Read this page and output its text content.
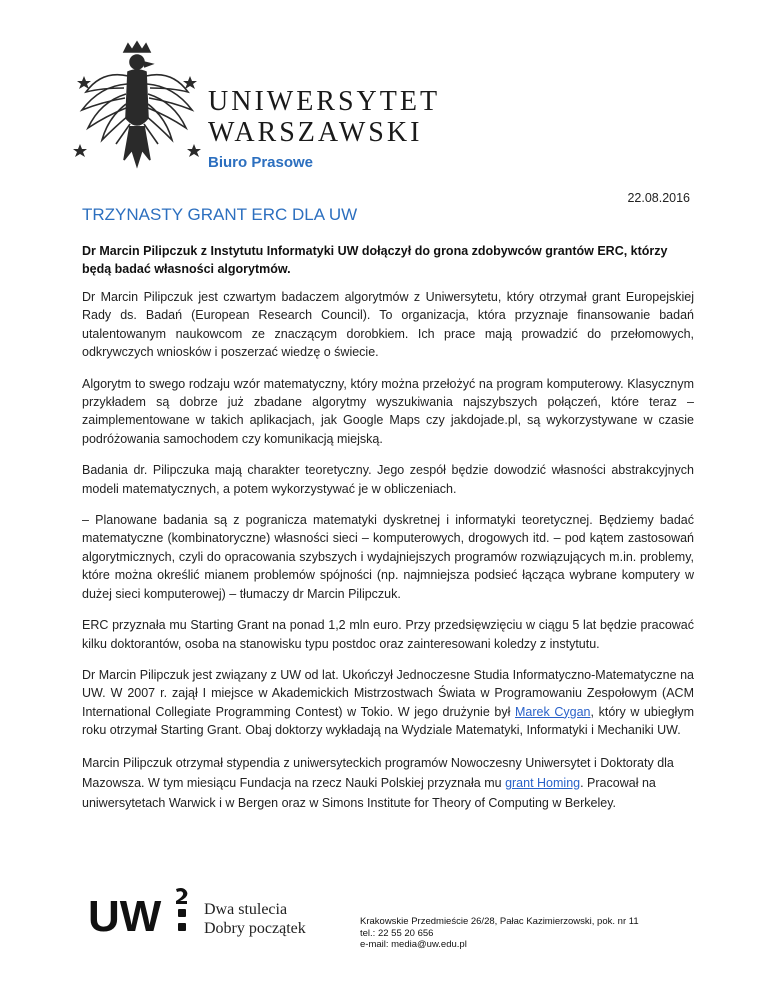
UNIWERSYTET
WARSZAWSKI
Biuro Prasowe
22.08.2016
TRZYNASTY GRANT ERC DLA UW
Dr Marcin Pilipczuk z Instytutu Informatyki UW dołączył do grona zdobywców grantów ERC, którzy będą badać własności algorytmów.

Dr Marcin Pilipczuk jest czwartym badaczem algorytmów z Uniwersytetu, który otrzymał grant Europejskiej Rady ds. Badań (European Research Council). To organizacja, która przyznaje finansowanie badań utalentowanym naukowcom ze znaczącym dorobkiem. Ich prace mają prowadzić do przełomowych, odkrywczych wniosków i poszerzać wiedzę o świecie.

Algorytm to swego rodzaju wzór matematyczny, który można przełożyć na program komputerowy. Klasycznym przykładem są dobrze już zbadane algorytmy wyszukiwania najszybszych połączeń, które teraz – zaimplementowane w takich aplikacjach, jak Google Maps czy jakdojade.pl, są wykorzystywane w czasie podróżowania samochodem czy komunikacją miejską.

Badania dr. Pilipczuka mają charakter teoretyczny. Jego zespół będzie dowodzić własności abstrakcyjnych modeli matematycznych, a potem wykorzystywać je w obliczeniach.

– Planowane badania są z pogranicza matematyki dyskretnej i informatyki teoretycznej. Będziemy badać matematyczne (kombinatoryczne) własności sieci – komputerowych, drogowych itd. – pod kątem zastosowań algorytmicznych, czyli do opracowania szybszych i wydajniejszych programów rozwiązujących m.in. problemy, które można określić mianem problemów spójności (np. najmniejsza podsieć łącząca wybrane komputery w dużej sieci komputerowej) – tłumaczy dr Marcin Pilipczuk.

ERC przyznała mu Starting Grant na ponad 1,2 mln euro. Przy przedsięwzięciu w ciągu 5 lat będzie pracować kilku doktorantów, osoba na stanowisku typu postdoc oraz zainteresowani koledzy z instytutu.

Dr Marcin Pilipczuk jest związany z UW od lat. Ukończył Jednoczesne Studia Informatyczno-Matematyczne na UW. W 2007 r. zajął I miejsce w Akademickich Mistrzostwach Świata w Programowaniu Zespołowym (ACM International Collegiate Programming Contest) w Tokio. W jego drużynie był Marek Cygan, który w ubiegłym roku otrzymał Starting Grant. Obaj doktorzy wykładają na Wydziale Matematyki, Informatyki i Mechaniki UW.

Marcin Pilipczuk otrzymał stypendia z uniwersyteckich programów Nowoczesny Uniwersytet i Doktoraty dla Mazowsza. W tym miesiącu Fundacja na rzecz Nauki Polskiej przyznała mu grant Homing. Pracował na uniwersytetach Warwick i w Bergen oraz w Simons Institute for Theory of Computing w Berkeley.

UW	Dwa stulecia
Dobry początek	Krakowskie Przedmieście 26/28, Pałac Kazimierzowski, pok. nr 11
tel.: 22 55 20 656
e-mail: media@uw.edu.pl
